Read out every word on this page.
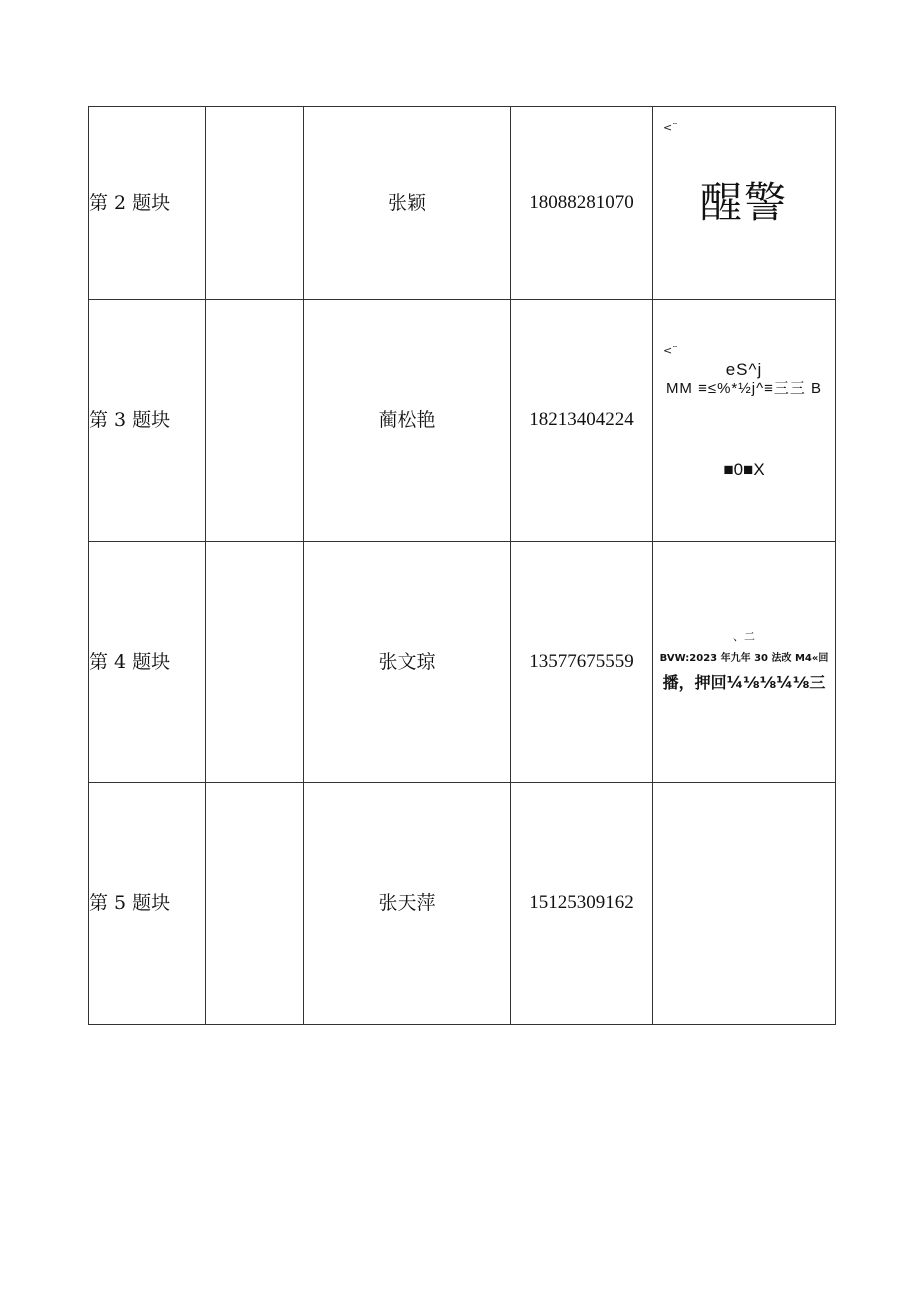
第 2 题块		张颖	18088281070	<¨
醒警
第 3 题块		蔺松艳	18213404224	<¨
eS^j
MM ≡≤%*½j^≡三三 B
■0■X

第 4 题块		张文琼	13577675559	、二
BVW:2023 年九年 30 法改 M4«回
播，押回¼⅛⅛¼⅛三

第 5 题块		张天萍	15125309162	
